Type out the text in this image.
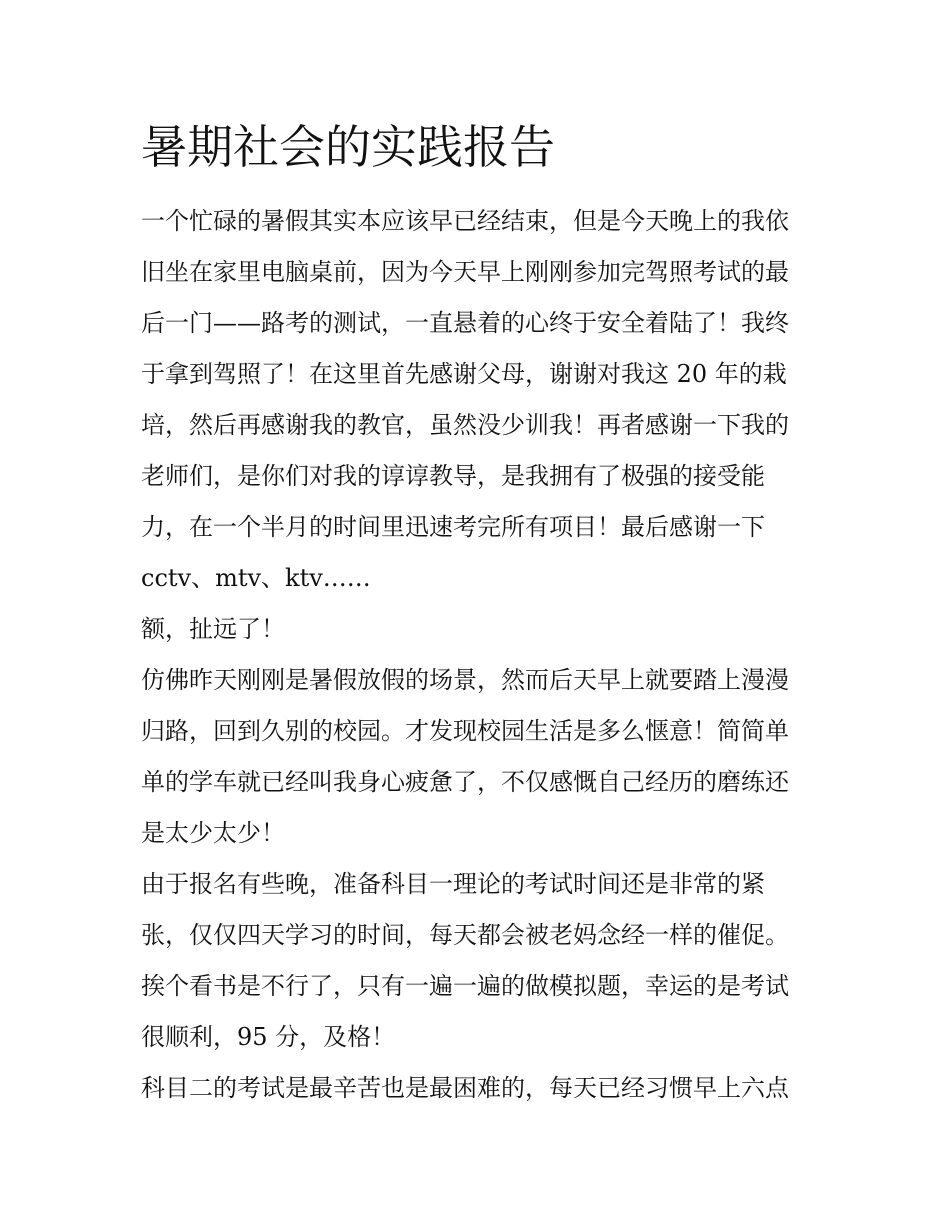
暑期社会的实践报告
一个忙碌的暑假其实本应该早已经结束，但是今天晚上的我依
旧坐在家里电脑桌前，因为今天早上刚刚参加完驾照考试的最
后一门——路考的测试，一直悬着的心终于安全着陆了！我终
于拿到驾照了！在这里首先感谢父母，谢谢对我这 20 年的栽
培，然后再感谢我的教官，虽然没少训我！再者感谢一下我的
老师们，是你们对我的谆谆教导，是我拥有了极强的接受能
力，在一个半月的时间里迅速考完所有项目！最后感谢一下
cctv、mtv、ktv……
额，扯远了！
仿佛昨天刚刚是暑假放假的场景，然而后天早上就要踏上漫漫
归路，回到久别的校园。才发现校园生活是多么惬意！简简单
单的学车就已经叫我身心疲惫了，不仅感慨自己经历的磨练还
是太少太少！
由于报名有些晚，准备科目一理论的考试时间还是非常的紧
张，仅仅四天学习的时间，每天都会被老妈念经一样的催促。
挨个看书是不行了，只有一遍一遍的做模拟题，幸运的是考试
很顺利，95 分，及格！
科目二的考试是最辛苦也是最困难的，每天已经习惯早上六点
